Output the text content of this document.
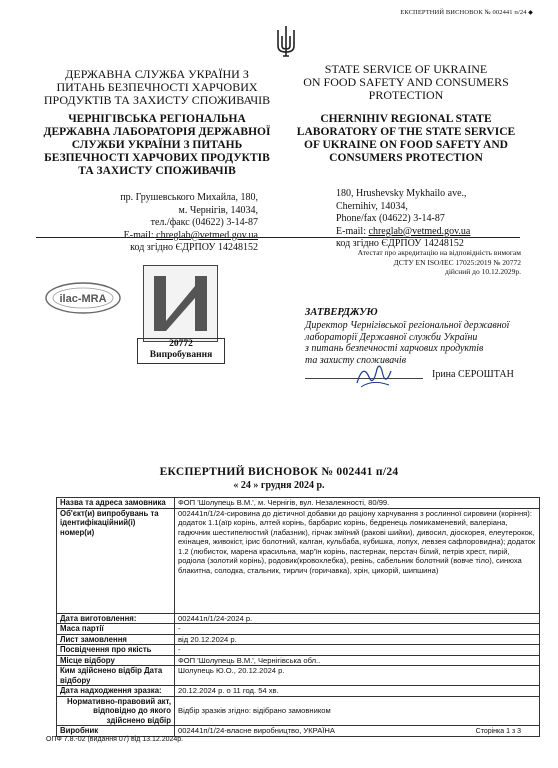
ЕКСПЕРТНИЙ ВИСНОВОК № 002441 п/24 ◆
ДЕРЖАВНА СЛУЖБА УКРАЇНИ З
ПИТАНЬ БЕЗПЕЧНОСТІ ХАРЧОВИХ
ПРОДУКТІВ ТА ЗАХИСТУ СПОЖИВАЧІВ
STATE SERVICE OF UKRAINE
ON FOOD SAFETY AND CONSUMERS
PROTECTION
ЧЕРНІГІВСЬКА РЕГІОНАЛЬНА
ДЕРЖАВНА ЛАБОРАТОРІЯ ДЕРЖАВНОЇ
СЛУЖБИ УКРАЇНИ З ПИТАНЬ
БЕЗПЕЧНОСТІ ХАРЧОВИХ ПРОДУКТІВ
ТА ЗАХИСТУ СПОЖИВАЧІВ
CHERNIHIV REGIONAL STATE
LABORATORY OF THE STATE SERVICE
OF UKRAINE ON FOOD SAFETY AND
CONSUMERS PROTECTION
пр. Грушевського Михайла, 180,
м. Чернігів, 14034,
тел./факс (04622) 3-14-87
E-mail: chreglab@vetmed.gov.ua
код згідно ЄДРПОУ 14248152
180, Hrushevsky Mykhailo ave.,
Chernihiv, 14034,
Phone/fax (04622) 3-14-87
E-mail: chreglab@vetmed.gov.ua
код згідно ЄДРПОУ 14248152
Атестат про акредитацію на відповідність вимогам
ДСТУ EN ISO/IEC 17025:2019 № 20772
дійсний до 10.12.2029р.
ilac-MRA
20772
Випробування
ЗАТВЕРДЖУЮ
Директор Чернігівської регіональної державної
лабораторії Державної служби України
з питань безпечності харчових продуктів
та захисту споживачів
Ірина СЕРОШТАН
ЕКСПЕРТНИЙ ВИСНОВОК № 002441 п/24
« 24 » грудня 2024 р.
Назва та адреса замовника	ФОП 'Шолупець В.М.', м. Чернігів, вул. Незалежності, 80/99.
Об'єкт(и) випробувань та ідентифікаційний(і) номер(и)	002441п/1/24-сировина до дієтичної добавки до раціону харчування з рослинної сировини (коріння): додаток 1.1(аїр корінь, алтей корінь, барбарис корінь, бедренець ломикаменевий, валеріана, гадючник шестипелюстий (лабазник), гірчак зміїний (ракові шийки), дивосил, діоскорея, елеутерокок, ехінацея, живокіст, ірис болотний, калган, кульбаба, кубишка, лопух, левзея сафлоровидна); додаток 1.2 (любисток, марена красильна, мар'їн корінь, пастернак, перстач білий, петрів хрест, пирій, родіола (золотий корінь), родовик(кровохлебка), ревінь, сабельник болотний (вовче тіло), синюха блакитна, солодка, стальник, тирлич (горичавка), хрін, цикорій, шипшина)
Дата виготовлення:	002441п/1/24-2024 р.
Маса партії	-
Лист замовлення	від 20.12.2024 р.
Посвідчення про якість	-
Місце відбору	ФОП 'Шолупець В.М.', Чернігівська обл..
Ким здійснено відбір Дата відбору	Шолупець Ю.О., 20.12.2024 р.
Дата надходження зразка:	20.12.2024 р. о 11 год. 54 хв.
Нормативно-правовий акт, відповідно до якого здійснено відбір	Відбір зразків згідно: відібрано замовником
Виробник	002441п/1/24-власне виробництво, УКРАЇНА	Сторінка 1 з 3
ОПФ 7.8.-02 (видання 07) від 13.12.2024р.
